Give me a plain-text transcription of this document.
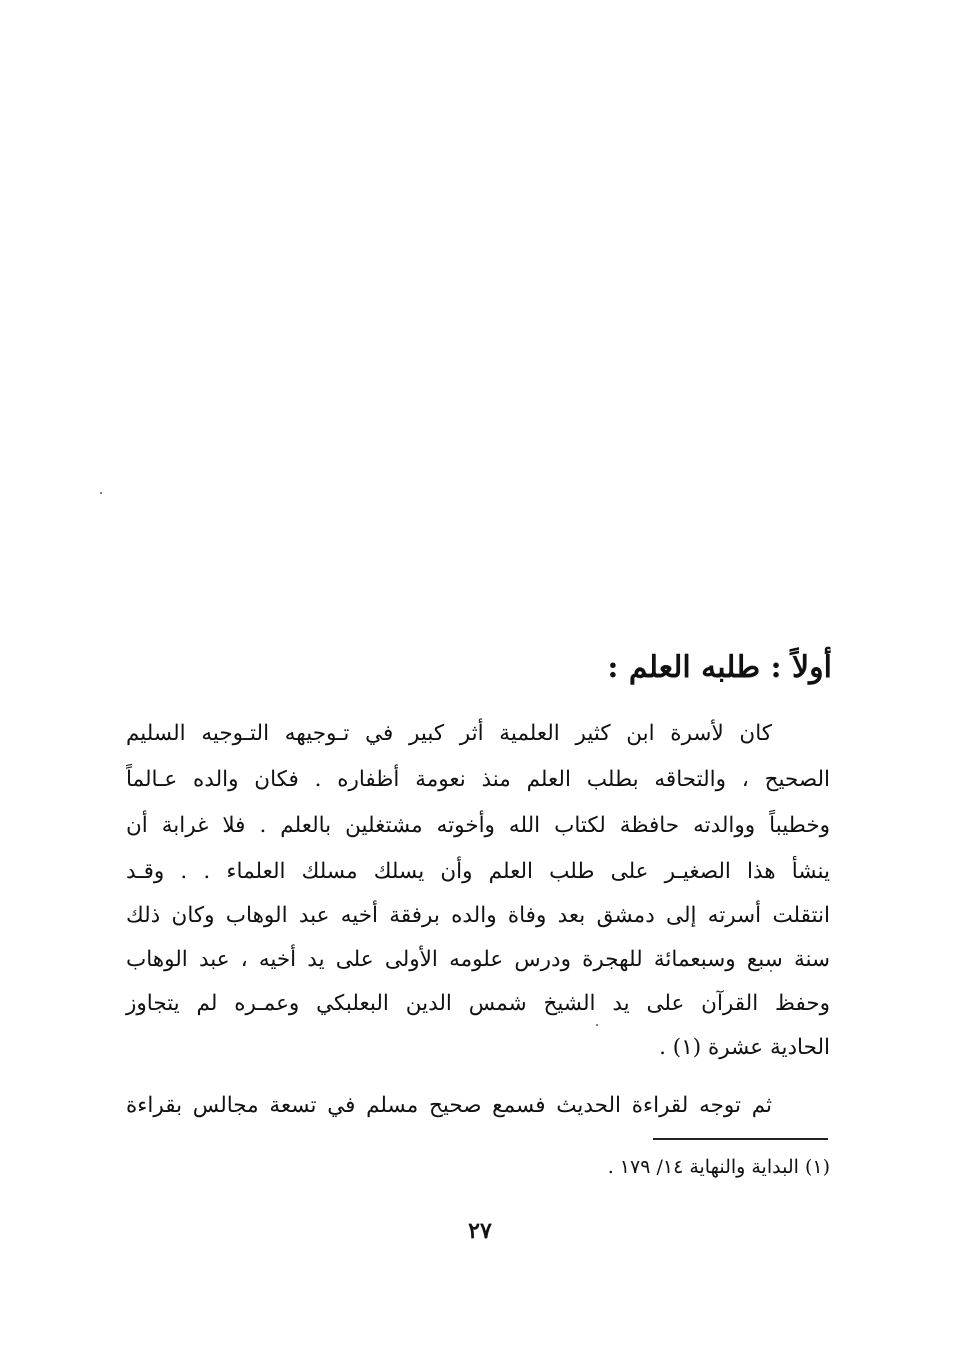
أولاً : طلبه العلم :
كان لأسرة ابن كثير العلمية أثر كبير في تـوجيهه التـوجيه السليم
الصحيح ، والتحاقه بطلب العلم منذ نعومة أظفاره . فكان والده عـالماً
وخطيباً ووالدته حافظة لكتاب الله وأخوته مشتغلين بالعلم . فلا غرابة أن
ينشأ هذا الصغيـر على طلب العلم وأن يسلك مسلك العلماء . . وقـد
انتقلت أسرته إلى دمشق بعد وفاة والده برفقة أخيه عبد الوهاب وكان ذلك
سنة سبع وسبعمائة للهجرة ودرس علومه الأولى على يد أخيه ، عبد الوهاب
وحفظ القرآن على يد الشيخ شمس الدين البعلبكي وعمـره لم يتجاوز
الحادية عشرة (١) .
ثم توجه لقراءة الحديث فسمع صحيح مسلم في تسعة مجالس بقراءة
(١) البداية والنهاية ١٤/ ١٧٩ .
٢٧
